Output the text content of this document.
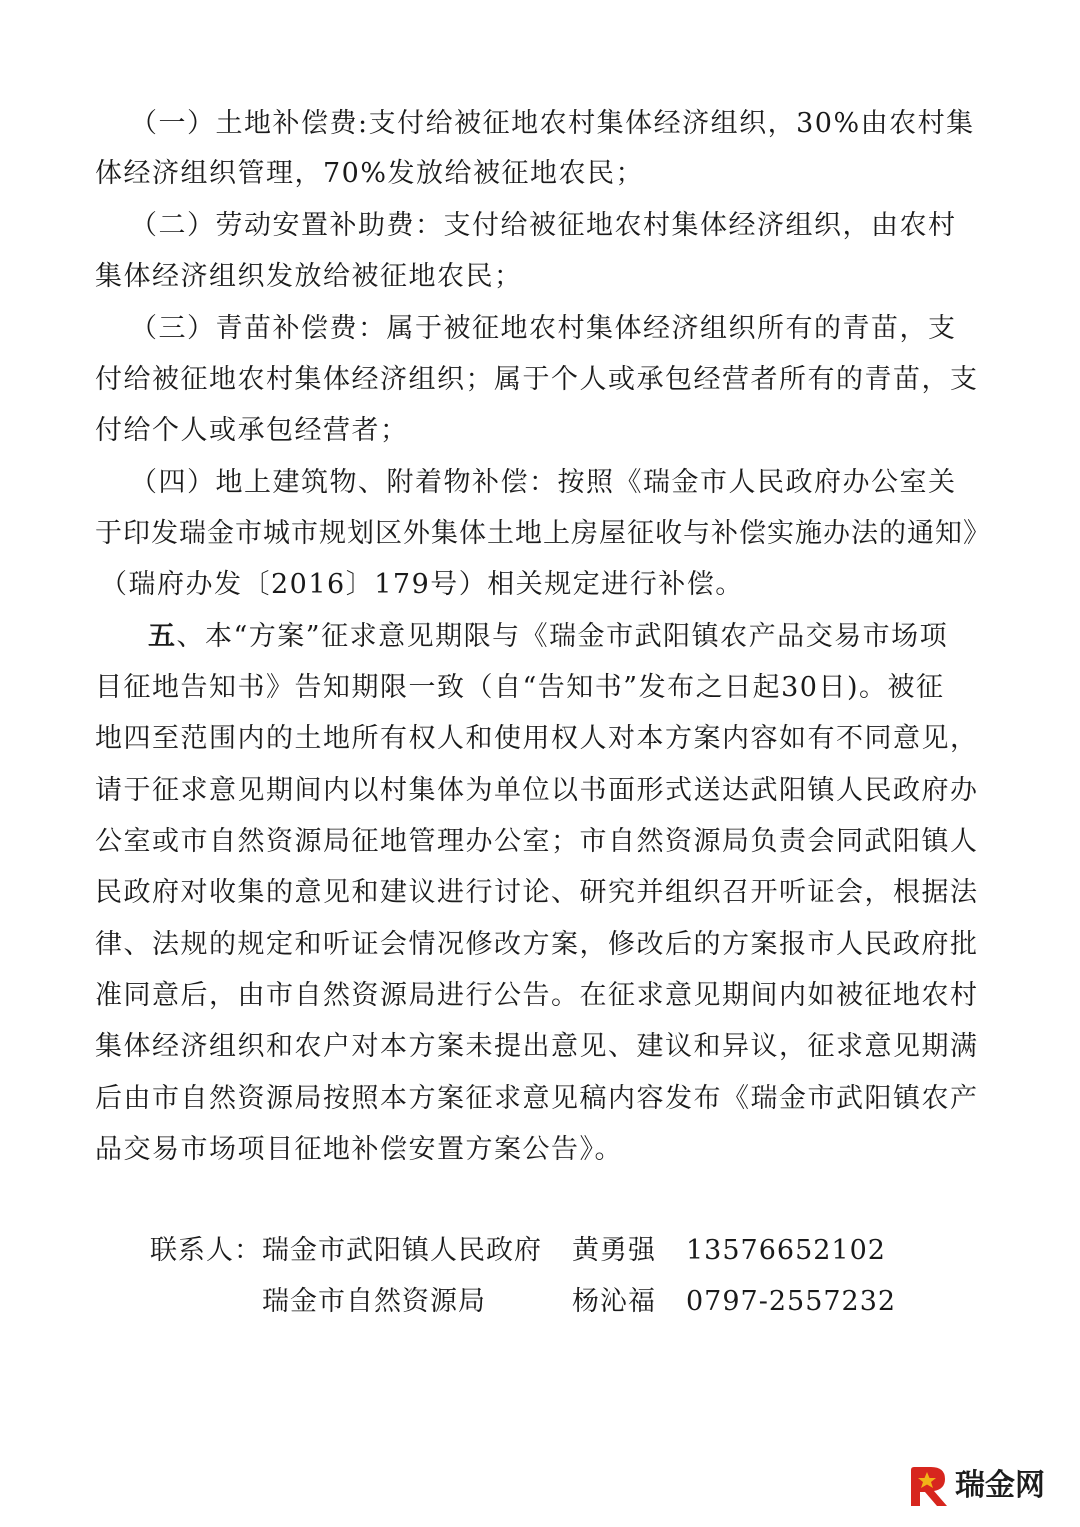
（一）土地补偿费:支付给被征地农村集体经济组织，30%由农村集

体经济组织管理，70%发放给被征地农民；

（二）劳动安置补助费：支付给被征地农村集体经济组织，由农村

集体经济组织发放给被征地农民；

（三）青苗补偿费：属于被征地农村集体经济组织所有的青苗，支

付给被征地农村集体经济组织；属于个人或承包经营者所有的青苗，支

付给个人或承包经营者；

（四）地上建筑物、附着物补偿：按照《瑞金市人民政府办公室关

于印发瑞金市城市规划区外集体土地上房屋征收与补偿实施办法的通知》

（瑞府办发〔2016〕179号）相关规定进行补偿。

五、本“方案”征求意见期限与《瑞金市武阳镇农产品交易市场项

目征地告知书》告知期限一致（自“告知书”发布之日起30日)。被征

地四至范围内的土地所有权人和使用权人对本方案内容如有不同意见，

请于征求意见期间内以村集体为单位以书面形式送达武阳镇人民政府办

公室或市自然资源局征地管理办公室；市自然资源局负责会同武阳镇人

民政府对收集的意见和建议进行讨论、研究并组织召开听证会，根据法

律、法规的规定和听证会情况修改方案，修改后的方案报市人民政府批

准同意后，由市自然资源局进行公告。在征求意见期间内如被征地农村

集体经济组织和农户对本方案未提出意见、建议和异议，征求意见期满

后由市自然资源局按照本方案征求意见稿内容发布《瑞金市武阳镇农产

品交易市场项目征地补偿安置方案公告》。

联系人： 瑞金市武阳镇人民政府 黄勇强 13576652102

瑞金市自然资源局	杨沁福 0797-2557232

瑞金网
